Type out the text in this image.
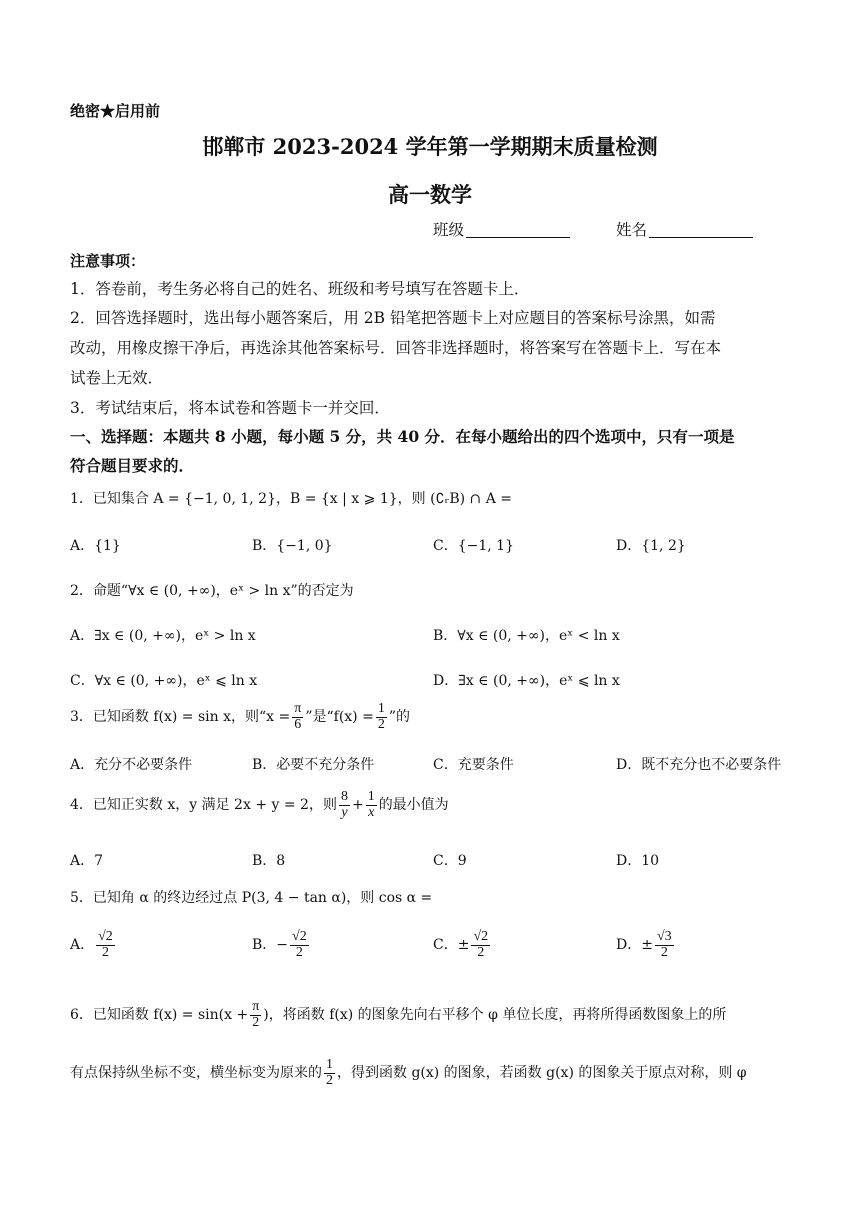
绝密★启用前
邯郸市 2023-2024 学年第一学期期末质量检测
高一数学
班级	姓名
注意事项：
1．答卷前，考生务必将自己的姓名、班级和考号填写在答题卡上．
2．回答选择题时，选出每小题答案后，用 2B 铅笔把答题卡上对应题目的答案标号涂黑，如需
改动，用橡皮擦干净后，再选涂其他答案标号．回答非选择题时，将答案写在答题卡上．写在本
试卷上无效．
3．考试结束后，将本试卷和答题卡一并交回．
一、选择题：本题共 8 小题，每小题 5 分，共 40 分．在每小题给出的四个选项中，只有一项是
符合题目要求的．
1．已知集合 A = {−1, 0, 1, 2}，B = {x | x ⩾ 1}，则 (∁ᵣB) ∩ A =
A．{1}	B．{−1, 0}	C．{−1, 1}	D．{1, 2}
2．命题“∀x ∈ (0, +∞)，eˣ > ln x”的否定为
A．∃x ∈ (0, +∞)，eˣ > ln x	B．∀x ∈ (0, +∞)，eˣ < ln x
C．∀x ∈ (0, +∞)，eˣ ⩽ ln x	D．∃x ∈ (0, +∞)，eˣ ⩽ ln x
3．已知函数 f(x) = sin x，则“$x = \frac{\pi}{6}$ ”是“$f(x) = \frac{1}{2}$ ”的
A．充分不必要条件	B．必要不充分条件	C．充要条件	D．既不充分也不必要条件
4．已知正实数 x，y 满足 2x + y = 2，则 $\frac{8}{y} + \frac{1}{x}$ 的最小值为
A．7	B．8	C．9	D．10
5．已知角 α 的终边经过点 P(3, 4 − tan α)，则 cos α =
A． $\frac{√2}{2}$	B．− $\frac{√2}{2}$	C．± $\frac{√2}{2}$	D．± $\frac{√3}{2}$
6．已知函数 $f(x) = \sin(x + \frac{\pi}{2}$ )，将函数 f(x) 的图象先向右平移个 φ 单位长度，再将所得函数图象上的所
有点保持纵坐标不变，横坐标变为原来的 $\frac{1}{2}$ ，得到函数 g(x) 的图象，若函数 g(x) 的图象关于原点对称，则 φ
